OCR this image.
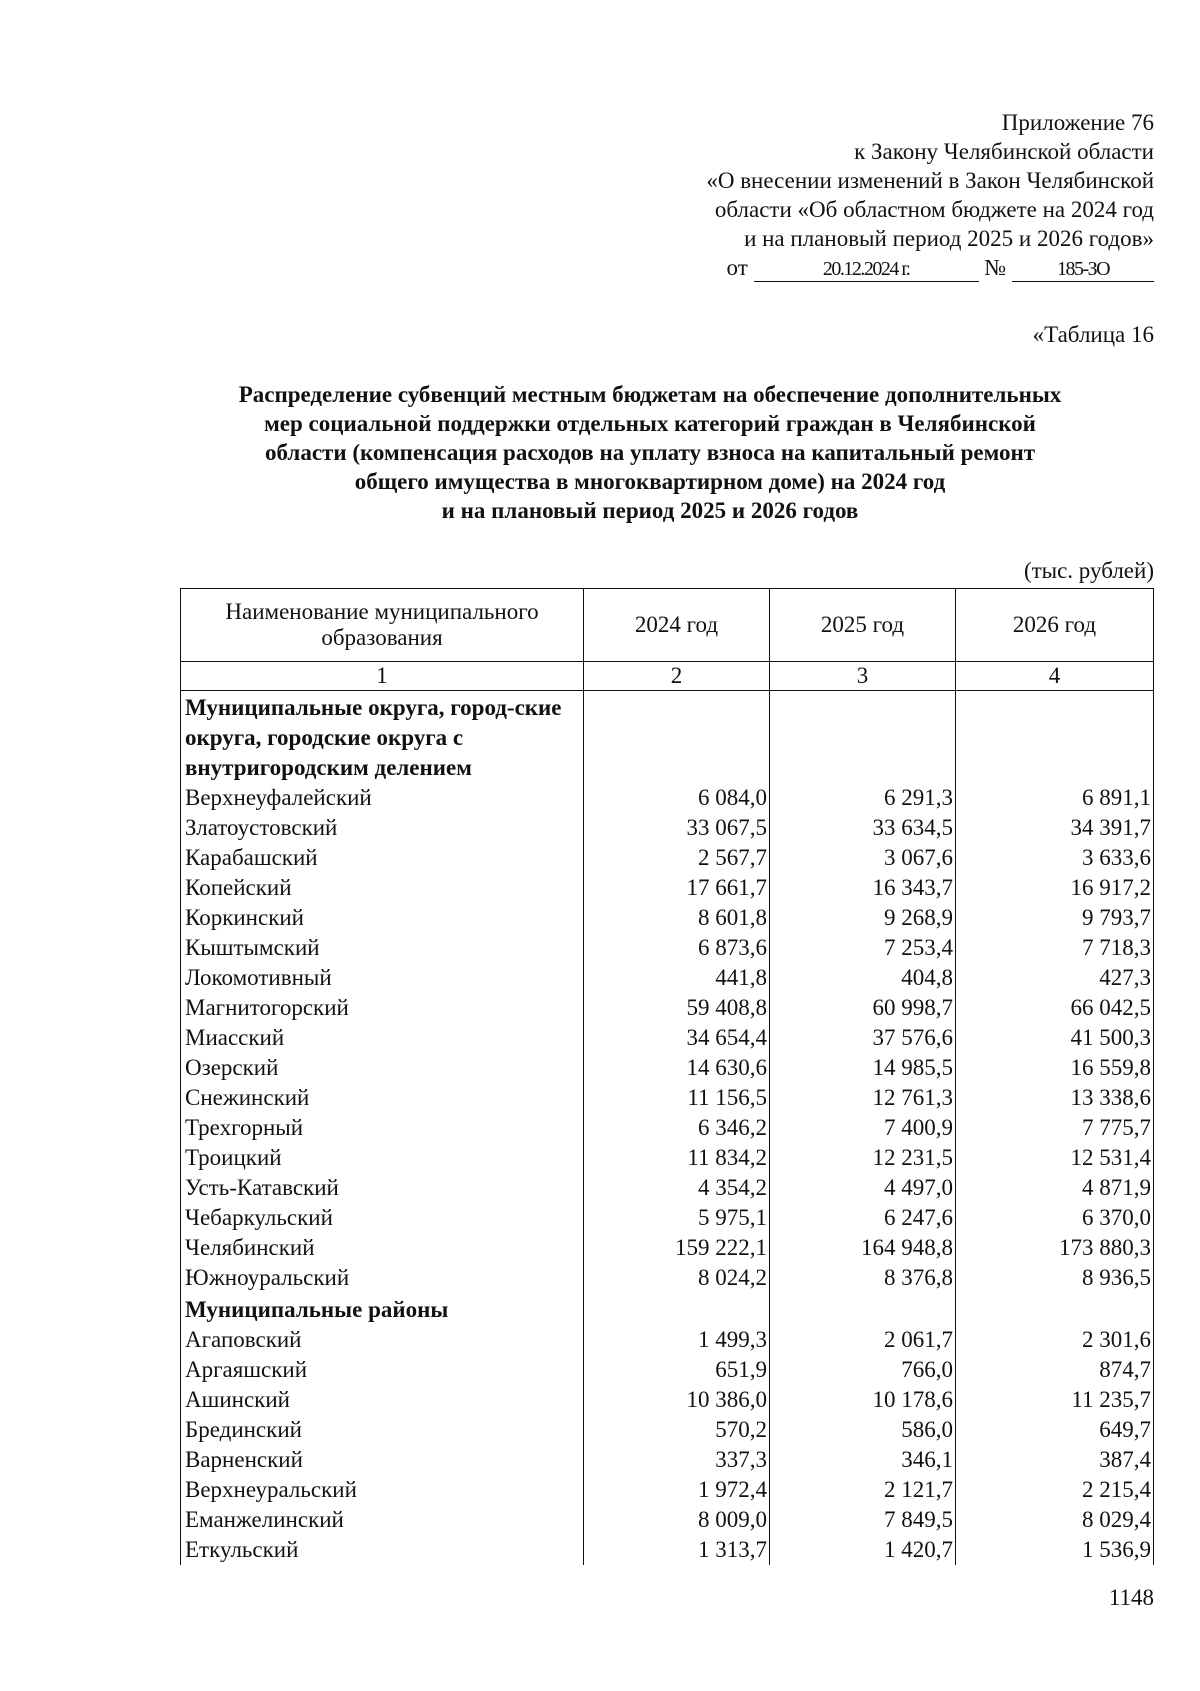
Приложение 76
к Закону Челябинской области
«О внесении изменений в Закон Челябинской
области «Об областном бюджете на 2024 год
и на плановый период 2025 и 2026 годов»
от	20.12.2024 г.	№	185-ЗО
«Таблица 16
Распределение субвенций местным бюджетам на обеспечение дополнительных
мер социальной поддержки отдельных категорий граждан в Челябинской
области (компенсация расходов на уплату взноса на капитальный ремонт
общего имущества в многоквартирном доме) на 2024 год
и на плановый период 2025 и 2026 годов
(тыс. рублей)
Наименование муниципального образования	2024 год	2025 год	2026 год
1	2	3	4
Муниципальные округа, город-ские округа, городские округа с внутригородским делением			
Верхнеуфалейский	6 084,0	6 291,3	6 891,1
Златоустовский	33 067,5	33 634,5	34 391,7
Карабашский	2 567,7	3 067,6	3 633,6
Копейский	17 661,7	16 343,7	16 917,2
Коркинский	8 601,8	9 268,9	9 793,7
Кыштымский	6 873,6	7 253,4	7 718,3
Локомотивный	441,8	404,8	427,3
Магнитогорский	59 408,8	60 998,7	66 042,5
Миасский	34 654,4	37 576,6	41 500,3
Озерский	14 630,6	14 985,5	16 559,8
Снежинский	11 156,5	12 761,3	13 338,6
Трехгорный	6 346,2	7 400,9	7 775,7
Троицкий	11 834,2	12 231,5	12 531,4
Усть-Катавский	4 354,2	4 497,0	4 871,9
Чебаркульский	5 975,1	6 247,6	6 370,0
Челябинский	159 222,1	164 948,8	173 880,3
Южноуральский	8 024,2	8 376,8	8 936,5
Муниципальные районы			
Агаповский	1 499,3	2 061,7	2 301,6
Аргаяшский	651,9	766,0	874,7
Ашинский	10 386,0	10 178,6	11 235,7
Брединский	570,2	586,0	649,7
Варненский	337,3	346,1	387,4
Верхнеуральский	1 972,4	2 121,7	2 215,4
Еманжелинский	8 009,0	7 849,5	8 029,4
Еткульский	1 313,7	1 420,7	1 536,9
1148
